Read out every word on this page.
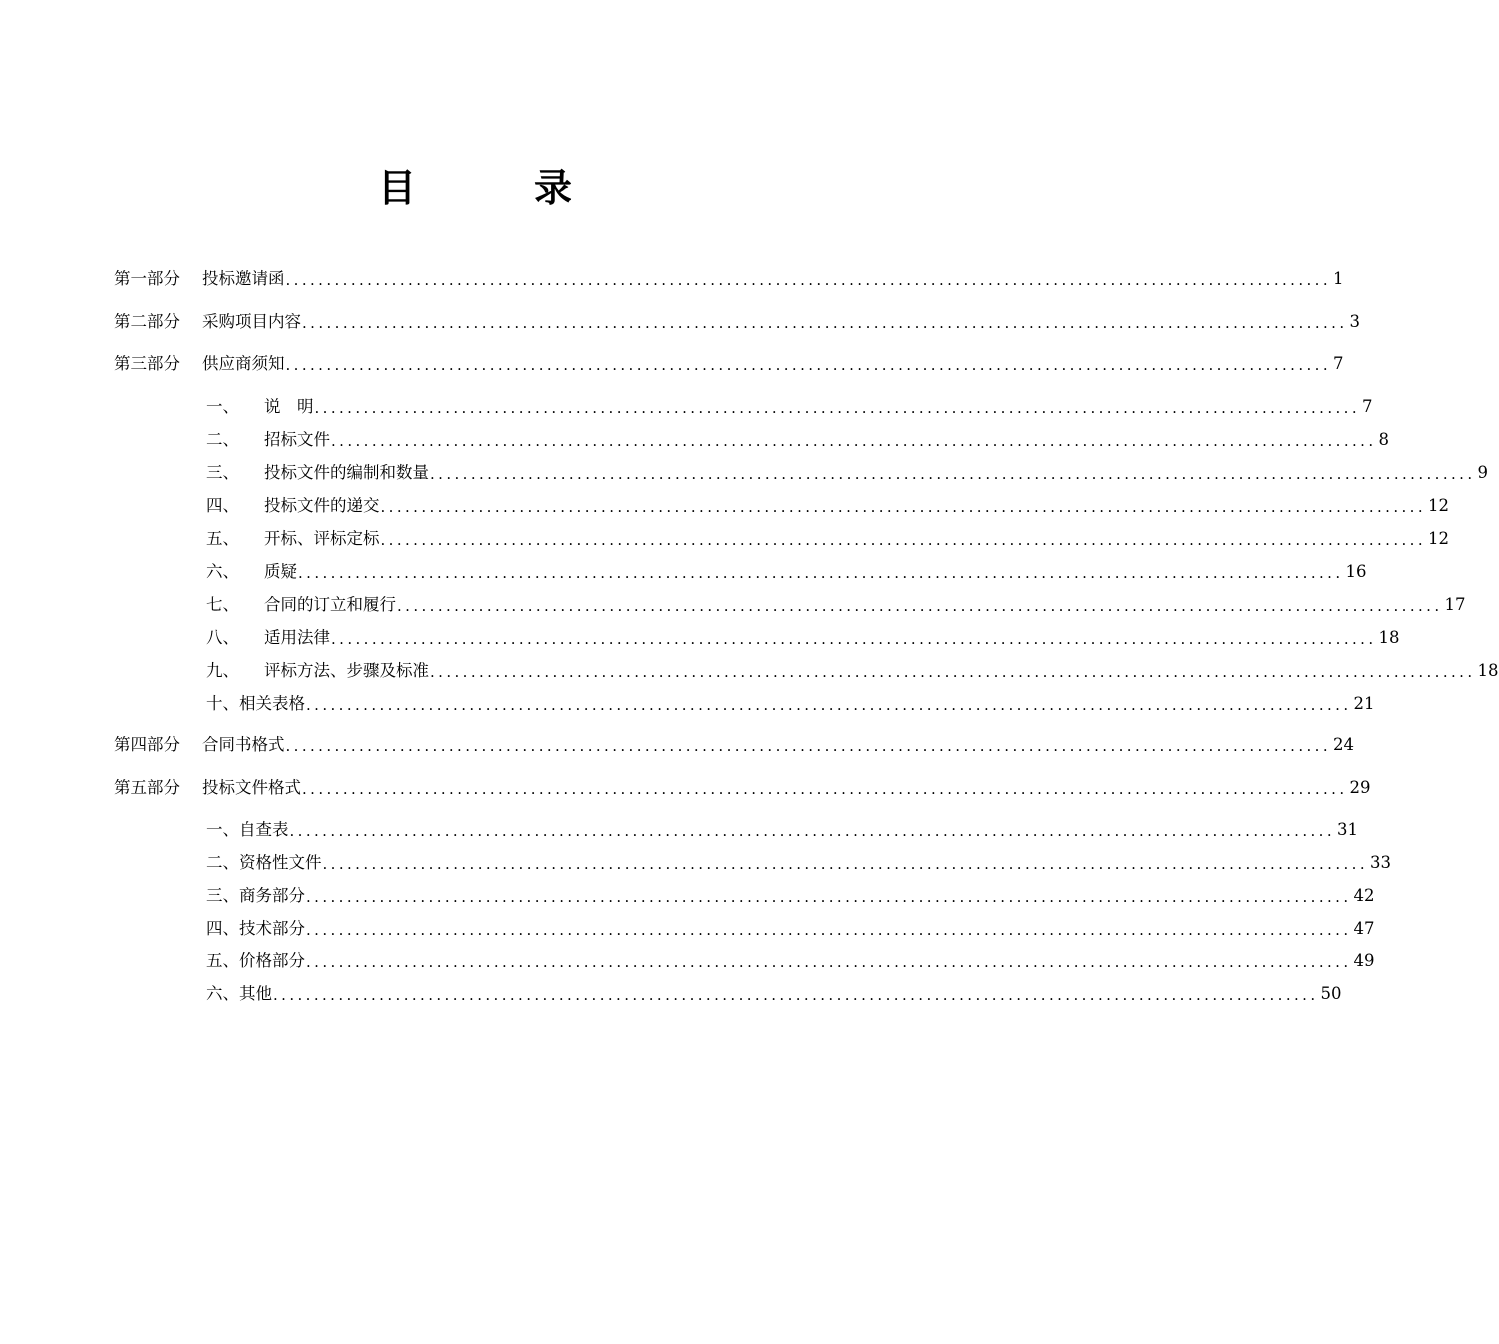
目	录
第一部分	投标邀请函 ................................................................................................................................ 1
第二部分	采购项目内容 ................................................................................................................................ 3
第三部分	供应商须知 ................................................................................................................................ 7
一、	说　明 ................................................................................................................................ 7
二、	招标文件 ................................................................................................................................ 8
三、	投标文件的编制和数量 ................................................................................................................................ 9
四、	投标文件的递交 ................................................................................................................................ 12
五、	开标、评标定标 ................................................................................................................................ 12
六、	质疑 ................................................................................................................................ 16
七、	合同的订立和履行 ................................................................................................................................ 17
八、	适用法律 ................................................................................................................................ 18
九、	评标方法、步骤及标准 ................................................................................................................................ 18
十、相关表格 ................................................................................................................................ 21
第四部分	合同书格式 ................................................................................................................................ 24
第五部分	投标文件格式 ................................................................................................................................ 29
一、自查表 ................................................................................................................................ 31
二、资格性文件 ................................................................................................................................ 33
三、商务部分 ................................................................................................................................ 42
四、技术部分 ................................................................................................................................ 47
五、价格部分 ................................................................................................................................ 49
六、其他 ................................................................................................................................ 50
